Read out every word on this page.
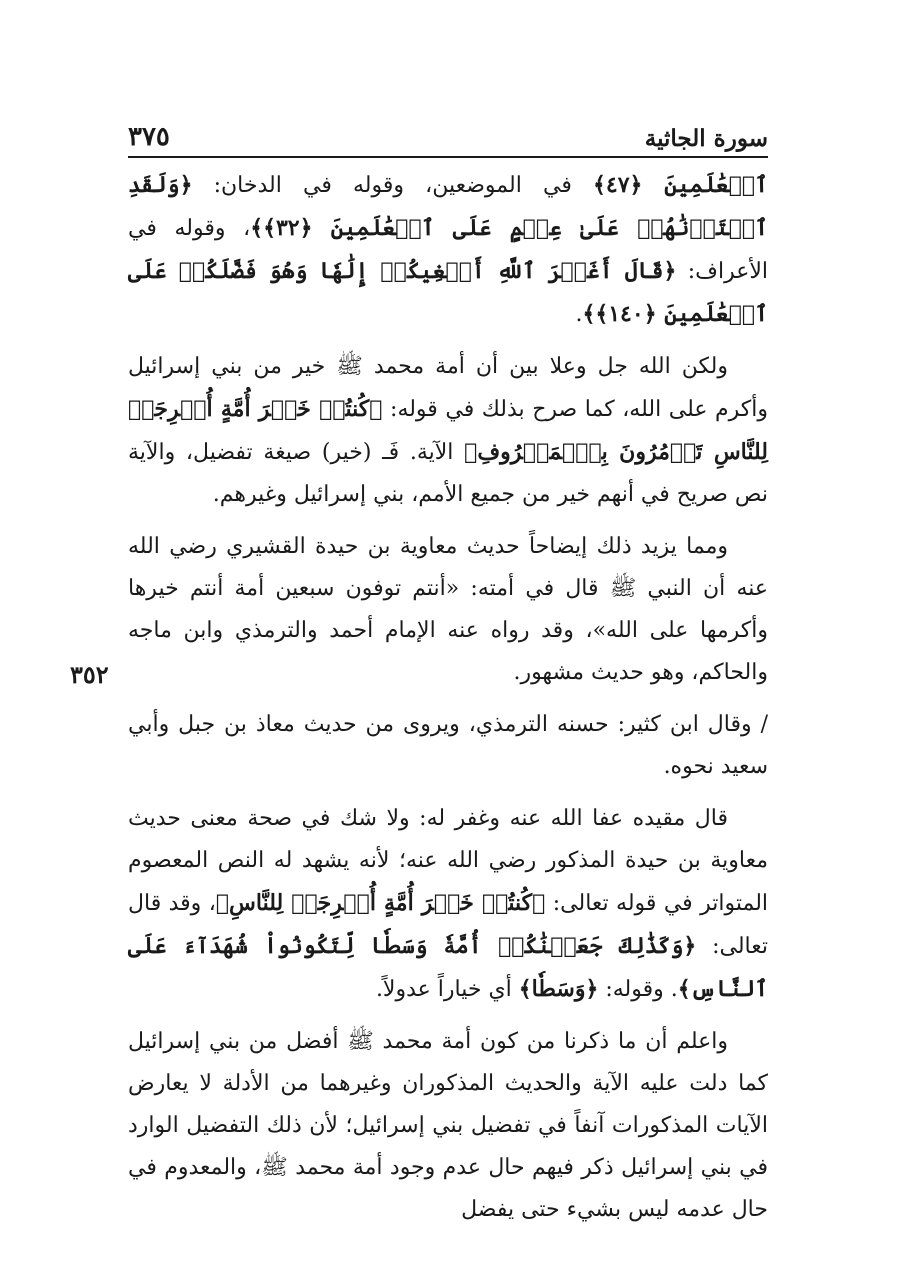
سورة الجاثية
٣٧٥
٣٥٢

ٱلۡعَٰلَمِينَ ﴿٤٧﴾ في الموضعين، وقوله في الدخان: ﴿وَلَقَدِ ٱخۡتَرۡنَٰهُمۡ عَلَىٰ عِلۡمٍ عَلَى ٱلۡعَٰلَمِينَ ﴿٣٢﴾﴾، وقوله في الأعراف: ﴿قَالَ أَغَيۡرَ ٱللَّهِ أَبۡغِيكُمۡ إِلَٰهٗا وَهُوَ فَضَّلَكُمۡ عَلَى ٱلۡعَٰلَمِينَ ﴿١٤٠﴾﴾.

ولكن الله جل وعلا بين أن أمة محمد ﷺ خير من بني إسرائيل وأكرم على الله، كما صرح بذلك في قوله: ﴿كُنتُمۡ خَيۡرَ أُمَّةٍ أُخۡرِجَتۡ لِلنَّاسِ تَأۡمُرُونَ بِٱلۡمَعۡرُوفِ﴾ الآية. فَـ (خير) صيغة تفضيل، والآية نص صريح في أنهم خير من جميع الأمم، بني إسرائيل وغيرهم.

ومما يزيد ذلك إيضاحاً حديث معاوية بن حيدة القشيري رضي الله عنه أن النبي ﷺ قال في أمته: «أنتم توفون سبعين أمة أنتم خيرها وأكرمها على الله»، وقد رواه عنه الإمام أحمد والترمذي وابن ماجه والحاكم، وهو حديث مشهور.

/ وقال ابن كثير: حسنه الترمذي، ويروى من حديث معاذ بن جبل وأبي سعيد نحوه.

قال مقيده عفا الله عنه وغفر له: ولا شك في صحة معنى حديث معاوية بن حيدة المذكور رضي الله عنه؛ لأنه يشهد له النص المعصوم المتواتر في قوله تعالى: ﴿كُنتُمۡ خَيۡرَ أُمَّةٍ أُخۡرِجَتۡ لِلنَّاسِ﴾، وقد قال تعالى: ﴿وَكَذَٰلِكَ جَعَلۡنَٰكُمۡ أُمَّةٗ وَسَطٗا لِّتَكُونُواْ شُهَدَآءَ عَلَى ٱلنَّاسِ﴾. وقوله: ﴿وَسَطٗا﴾ أي خياراً عدولاً.

واعلم أن ما ذكرنا من كون أمة محمد ﷺ أفضل من بني إسرائيل كما دلت عليه الآية والحديث المذكوران وغيرهما من الأدلة لا يعارض الآيات المذكورات آنفاً في تفضيل بني إسرائيل؛ لأن ذلك التفضيل الوارد في بني إسرائيل ذكر فيهم حال عدم وجود أمة محمد ﷺ، والمعدوم في حال عدمه ليس بشيء حتى يفضل
